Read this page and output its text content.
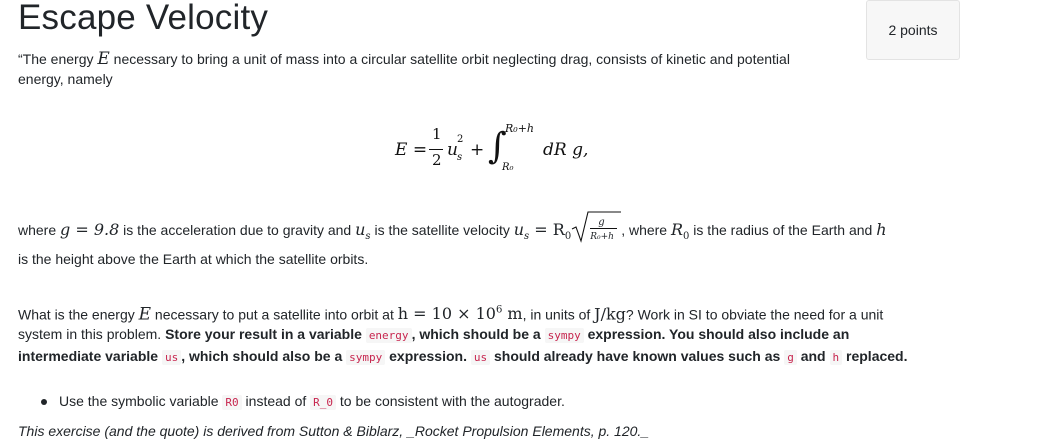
Escape Velocity	2 points
“The energy E necessary to bring a unit of mass into a circular satellite orbit neglecting drag, consists of kinetic and potential
energy, namely
E =
1
2 u s
2
+ ∫
R₀+h
R₀
dR g,
where g = 9.8 is the acceleration due to gravity and $u_s$ is the satellite velocity $u_s = R_0$
g
R₀+h , where $R_0$ is the radius of the Earth and h
is the height above the Earth at which the satellite orbits.
What is the energy E necessary to put a satellite into orbit at $h = 10 \times 10^6$ m, in units of J/kg? Work in SI to obviate the need for a unit
system in this problem. Store your result in a variable energy , which should be a sympy expression. You should also include an
intermediate variable us , which should also be a sympy expression. us should already have known values such as g and h replaced.
Use the symbolic variable R0 instead of R_0 to be consistent with the autograder.
This exercise (and the quote) is derived from Sutton & Biblarz, _Rocket Propulsion Elements, p. 120._
